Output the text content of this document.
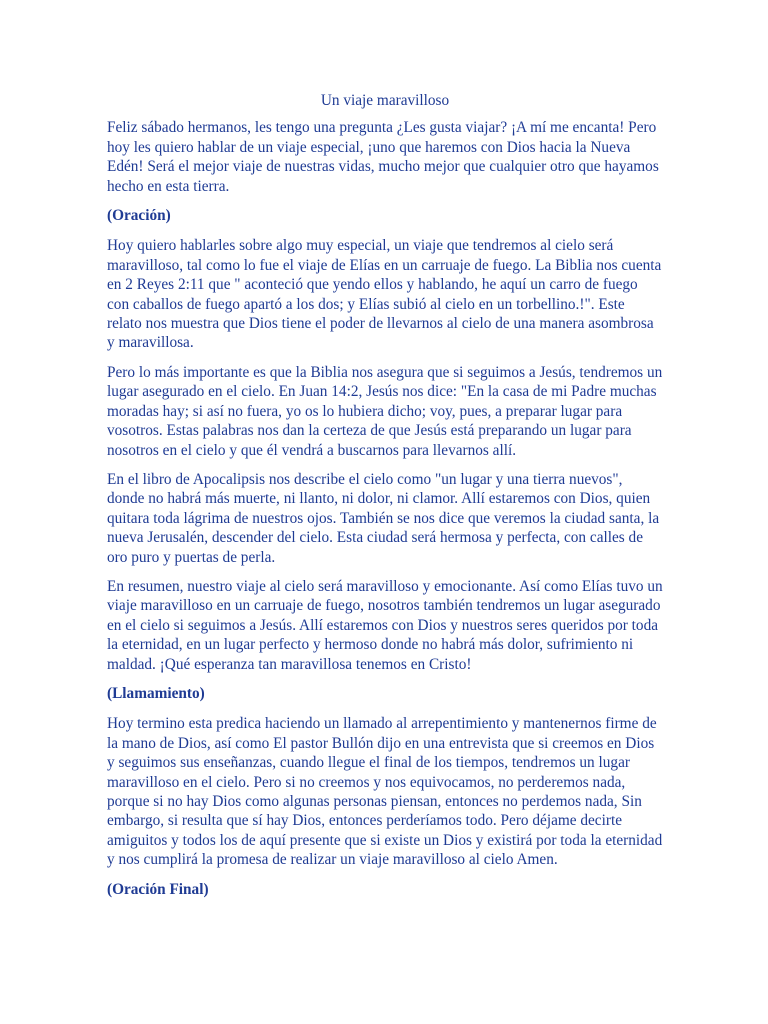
Un viaje maravilloso

Feliz sábado hermanos, les tengo una pregunta ¿Les gusta viajar? ¡A mí me encanta! Pero hoy les quiero hablar de un viaje especial, ¡uno que haremos con Dios hacia la Nueva Edén! Será el mejor viaje de nuestras vidas, mucho mejor que cualquier otro que hayamos hecho en esta tierra.

(Oración)

Hoy quiero hablarles sobre algo muy especial, un viaje que tendremos al cielo será maravilloso, tal como lo fue el viaje de Elías en un carruaje de fuego. La Biblia nos cuenta en 2 Reyes 2:11 que " aconteció que yendo ellos y hablando, he aquí un carro de fuego con caballos de fuego apartó a los dos; y Elías subió al cielo en un torbellino.!". Este relato nos muestra que Dios tiene el poder de llevarnos al cielo de una manera asombrosa y maravillosa.

Pero lo más importante es que la Biblia nos asegura que si seguimos a Jesús, tendremos un lugar asegurado en el cielo. En Juan 14:2, Jesús nos dice: "En la casa de mi Padre muchas moradas hay; si así no fuera, yo os lo hubiera dicho; voy, pues, a preparar lugar para vosotros. Estas palabras nos dan la certeza de que Jesús está preparando un lugar para nosotros en el cielo y que él vendrá a buscarnos para llevarnos allí.

En el libro de Apocalipsis nos describe el cielo como "un lugar y una tierra nuevos", donde no habrá más muerte, ni llanto, ni dolor, ni clamor. Allí estaremos con Dios, quien quitara toda lágrima de nuestros ojos. También se nos dice que veremos la ciudad santa, la nueva Jerusalén, descender del cielo. Esta ciudad será hermosa y perfecta, con calles de oro puro y puertas de perla.

En resumen, nuestro viaje al cielo será maravilloso y emocionante. Así como Elías tuvo un viaje maravilloso en un carruaje de fuego, nosotros también tendremos un lugar asegurado en el cielo si seguimos a Jesús. Allí estaremos con Dios y nuestros seres queridos por toda la eternidad, en un lugar perfecto y hermoso donde no habrá más dolor, sufrimiento ni maldad. ¡Qué esperanza tan maravillosa tenemos en Cristo!

(Llamamiento)

Hoy termino esta predica haciendo un llamado al arrepentimiento y mantenernos firme de la mano de Dios, así como El pastor Bullón dijo en una entrevista que si creemos en Dios y seguimos sus enseñanzas, cuando llegue el final de los tiempos, tendremos un lugar maravilloso en el cielo. Pero si no creemos y nos equivocamos, no perderemos nada, porque si no hay Dios como algunas personas piensan, entonces no perdemos nada, Sin embargo, si resulta que sí hay Dios, entonces perderíamos todo. Pero déjame decirte amiguitos y todos los de aquí presente que si existe un Dios y existirá por toda la eternidad y nos cumplirá la promesa de realizar un viaje maravilloso al cielo Amen.

(Oración Final)
